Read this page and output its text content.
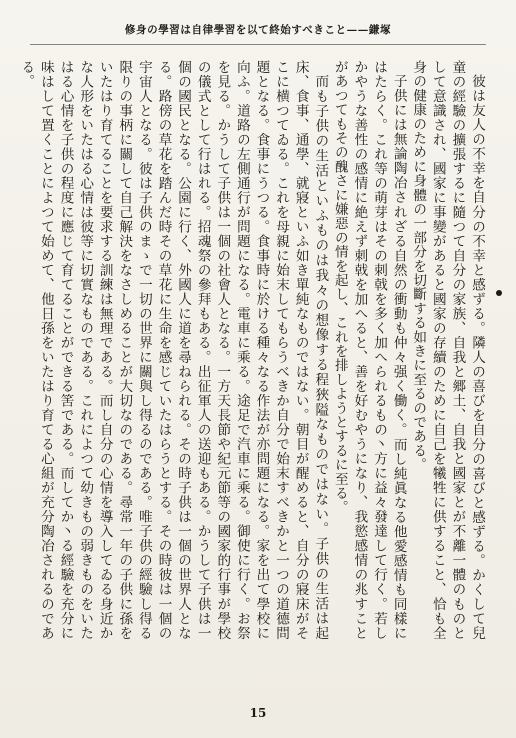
修身の學習は自律學習を以て終始すべきこと——鎌塚

彼は友人の不幸を自分の不幸と感ずる。隣人の喜びを自分の喜びと感ずる。かくして兒童の經驗の擴張するに隨つて自分の家族、自我と郷土、自我と國家とが不離一體のものとして意識され、國家に事變があると國家の存續のために自己を犧牲に供すること、恰も全身の健康のために身體の一部分を切斷する如きに至るのである。

子供には無論陶冶されざる自然の衝動も仲々强く働く。而し純眞なる他愛感情も同樣にはたらく。これ等の萌芽はその刺戟を多く加へられるもの丶方に益々發達して行く。若しかやうな善性の感情に絶えず刺戟を加へると、善を好むやうになり、我慾感情の兆すことがあつてもその醜さに嫌惡の情を起し、これを排しようとするに至る。

而も子供の生活といふものは我々の想像する程狹隘なものではない。子供の生活は起床、食事、通學、就寢といふ如き單純なものではない。朝目が醒めると、自分の寢床がそこに横つてゐる。これを母親に始末してもらうべきか自分で始末すべきかと一つの道德問題となる。食事にうつる。食事時に於ける種々なる作法が亦問題になる。家を出て學校に向ふ。道路の左側通行が問題になる。電車に乘る。途足で汽車に乘る。御使に行く。お祭を見る。かうして子供は一個の社會人となる。一方天長節や紀元節等の國家的行事が學校の儀式として行はれる。招魂祭の參拜もある。出征軍人の送迎もある。かうして子供は一個の國民となる。公園に行く、外國人に道を尋ねられる。その時子供は一個の世界人となる。路傍の草花を踏んだ時その草花に生命を感じていたはらうとする。その時彼は一個の宇宙人となる。彼は子供のまゝで一切の世界に關與し得るのである。唯子供の經驗し得る限りの事柄に關して自己解決をなさしめることが大切なのである。尋常一年の子供に孫をいたはり育てることを要求する訓練は無理である。而し自分の心情を導入してゐる身近かな人形をいたはる心情は彼等に切實なものである。これによつて幼きもの弱きものをいたはる心情を子供の程度に應じて育てることができる筈である。而してか丶る經驗を充分に味はして置くことによつて始めて、他日孫をいたはり育てる心組が充分陶冶されるのである。

15
